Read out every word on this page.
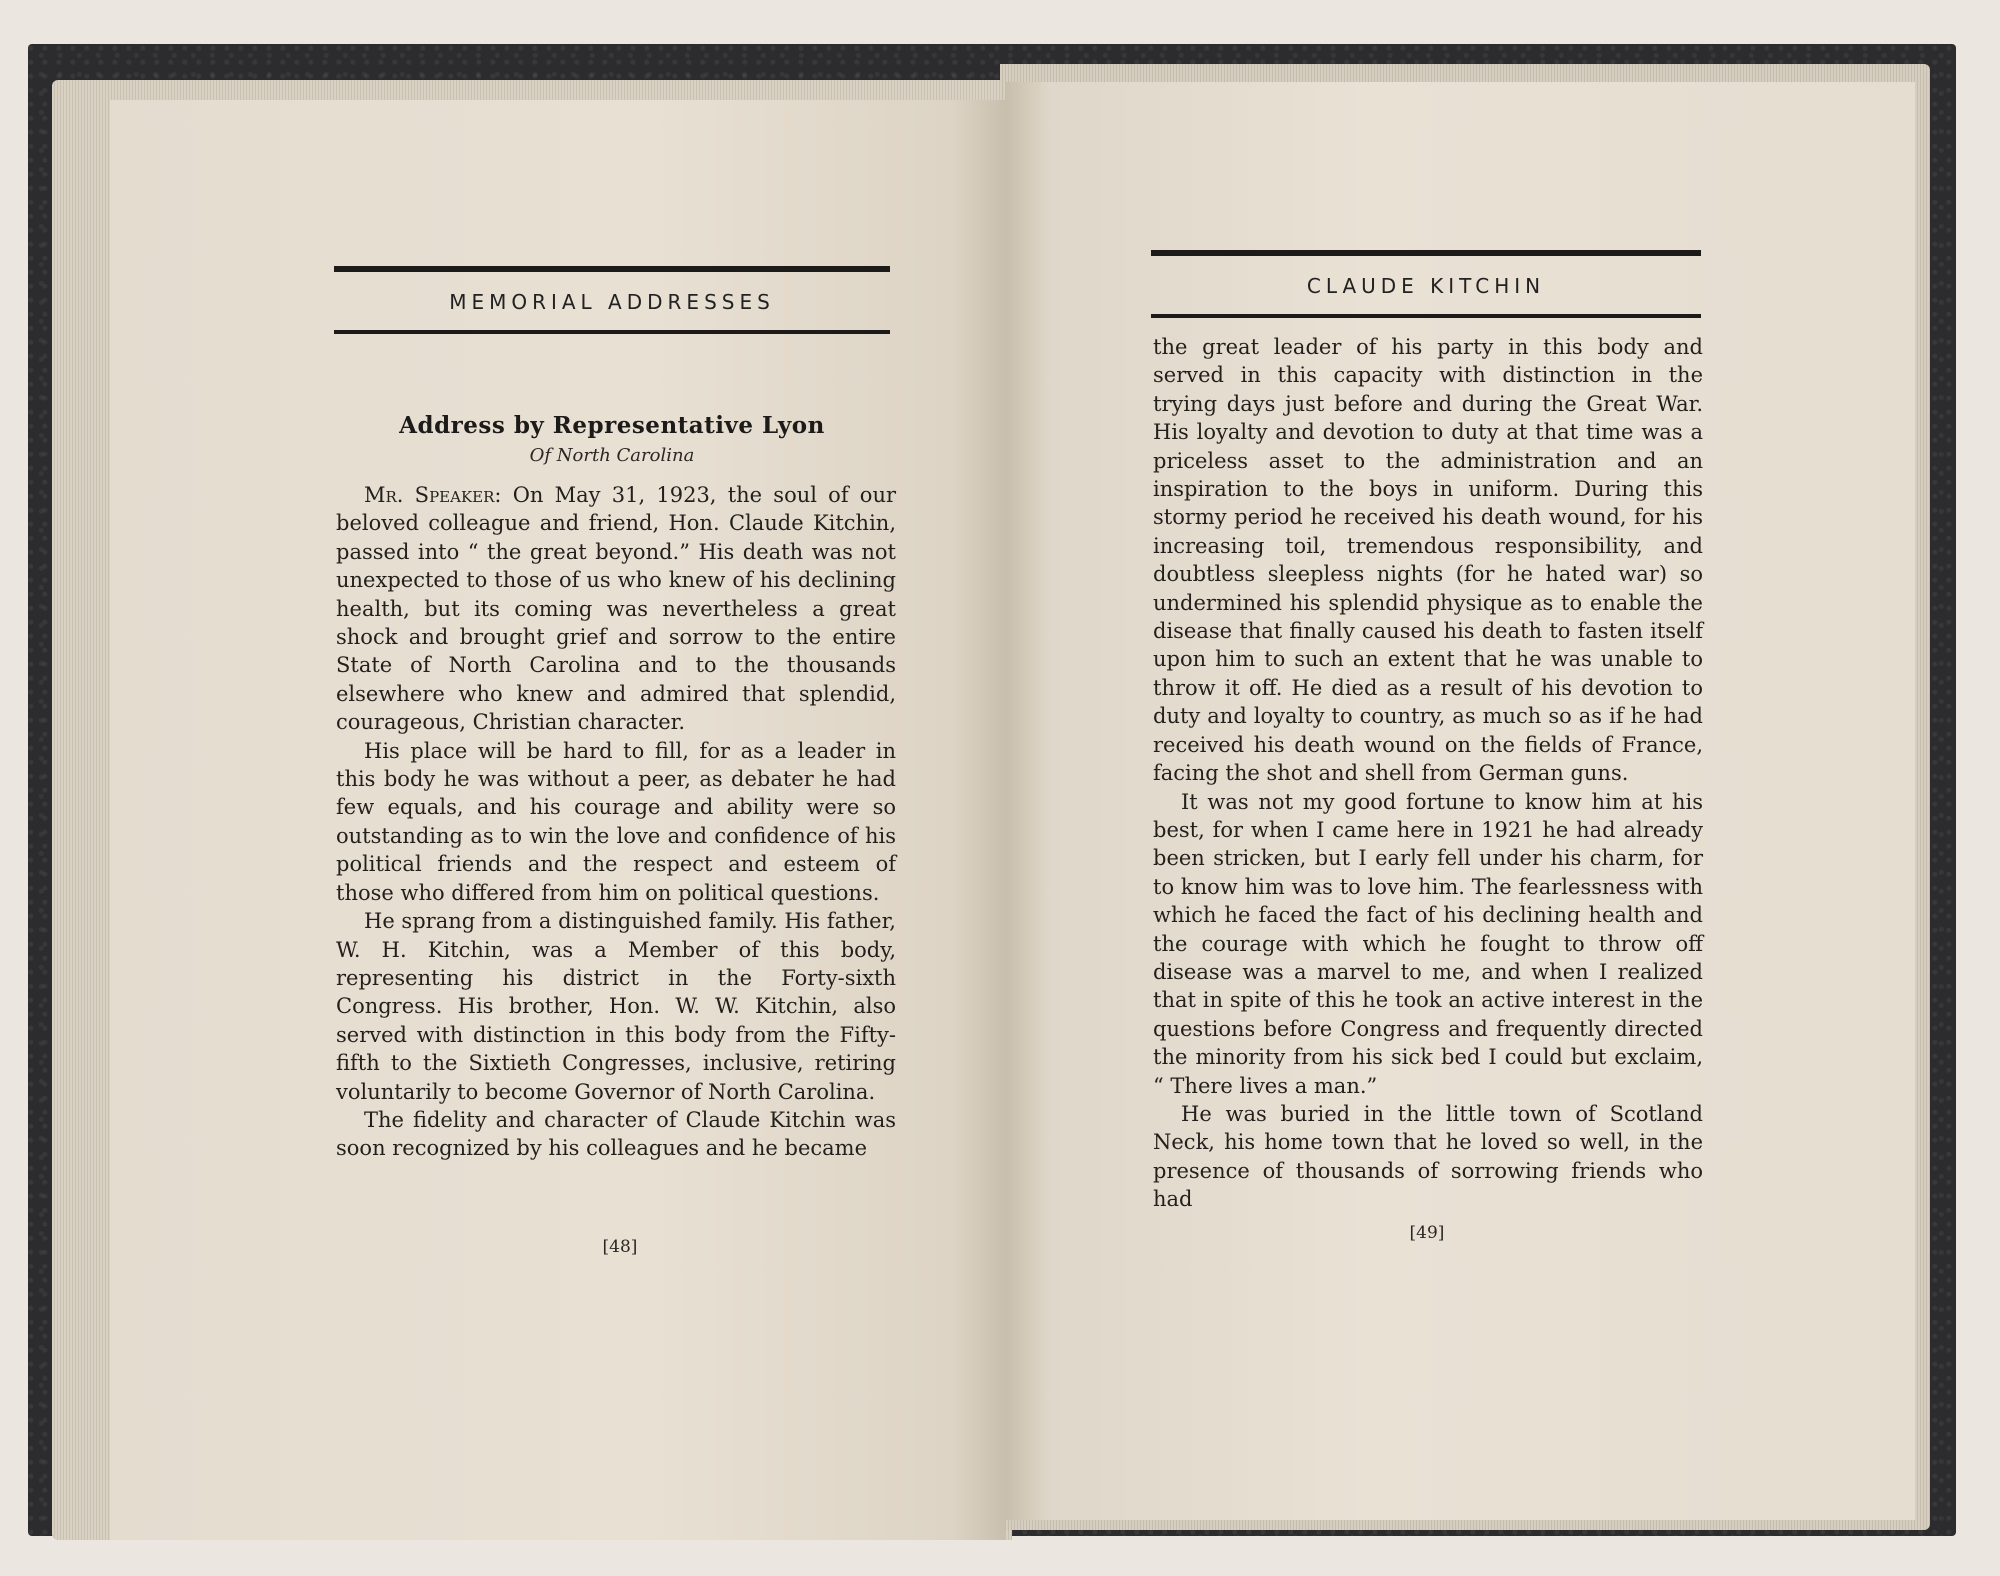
MEMORIAL ADDRESSES
Address by Representative Lyon
Of North Carolina

Mr. Speaker: On May 31, 1923, the soul of our beloved colleague and friend, Hon. Claude Kitchin, passed into “ the great beyond.” His death was not unexpected to those of us who knew of his declining health, but its coming was nevertheless a great shock and brought grief and sorrow to the entire State of North Carolina and to the thousands elsewhere who knew and admired that splendid, courageous, Christian character.

His place will be hard to fill, for as a leader in this body he was without a peer, as debater he had few equals, and his courage and ability were so outstanding as to win the love and confidence of his political friends and the respect and esteem of those who differed from him on political questions.

He sprang from a distinguished family. His father, W. H. Kitchin, was a Member of this body, representing his district in the Forty-sixth Congress. His brother, Hon. W. W. Kitchin, also served with distinction in this body from the Fifty-fifth to the Sixtieth Congresses, inclusive, retiring voluntarily to become Governor of North Carolina.

The fidelity and character of Claude Kitchin was soon recognized by his colleagues and he became

[48]
CLAUDE KITCHIN

the great leader of his party in this body and served in this capacity with distinction in the trying days just before and during the Great War. His loyalty and devotion to duty at that time was a priceless asset to the administration and an inspiration to the boys in uniform. During this stormy period he received his death wound, for his increasing toil, tremendous responsibility, and doubtless sleepless nights (for he hated war) so undermined his splendid physique as to enable the disease that finally caused his death to fasten itself upon him to such an extent that he was unable to throw it off. He died as a result of his devotion to duty and loyalty to country, as much so as if he had received his death wound on the fields of France, facing the shot and shell from German guns.

It was not my good fortune to know him at his best, for when I came here in 1921 he had already been stricken, but I early fell under his charm, for to know him was to love him. The fearlessness with which he faced the fact of his declining health and the courage with which he fought to throw off disease was a marvel to me, and when I realized that in spite of this he took an active interest in the questions before Congress and frequently directed the minority from his sick bed I could but exclaim, “ There lives a man.”

He was buried in the little town of Scotland Neck, his home town that he loved so well, in the presence of thousands of sorrowing friends who had

[49]
